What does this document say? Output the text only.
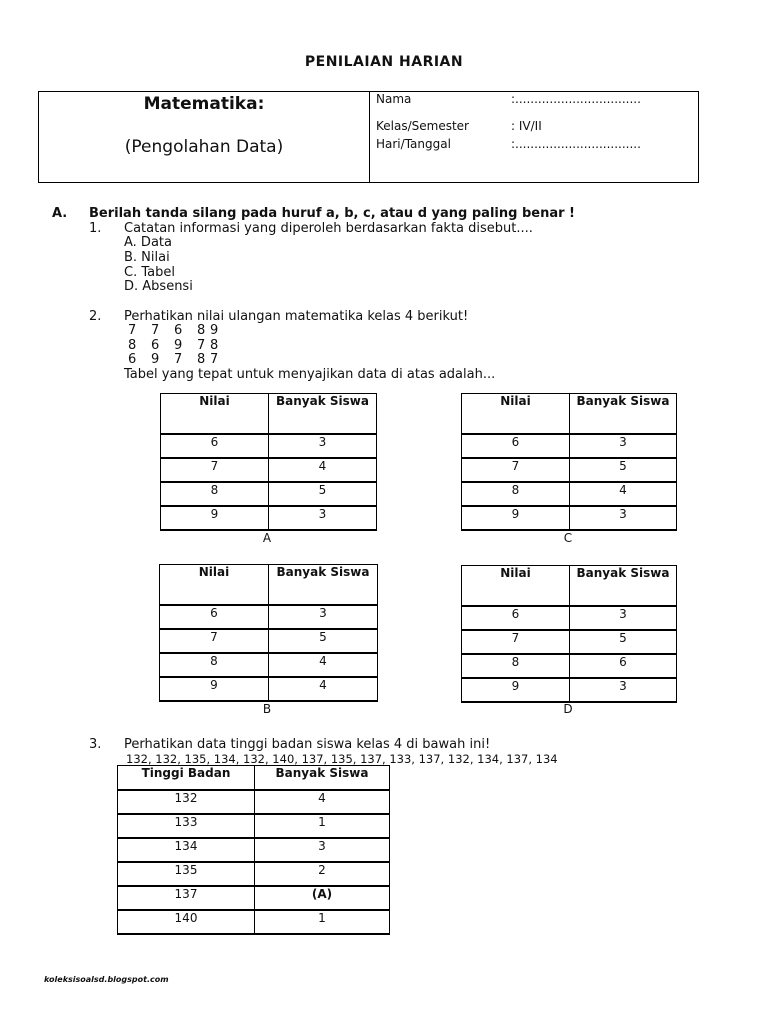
PENILAIAN HARIAN
Matematika:
(Pengolahan Data)
Nama	:.................................
Kelas/Semester	: IV/II
Hari/Tanggal	:.................................
A. Berilah tanda silang pada huruf a, b, c, atau d yang paling benar !
1. Catatan informasi yang diperoleh berdasarkan fakta disebut....
A. Data
B. Nilai
C. Tabel
D. Absensi
2. Perhatikan nilai ulangan matematika kelas 4 berikut!
7 7 6 8 9
8 6 9 7 8
6 9 7 8 7
Tabel yang tepat untuk menyajikan data di atas adalah...
Nilai	Banyak Siswa
6	3
7	4
8	5
9	3
A
Nilai	Banyak Siswa
6	3
7	5
8	4
9	3
C
Nilai	Banyak Siswa
6	3
7	5
8	4
9	4
B
Nilai	Banyak Siswa
6	3
7	5
8	6
9	3
D
3. Perhatikan data tinggi badan siswa kelas 4 di bawah ini!
132, 132, 135, 134, 132, 140, 137, 135, 137, 133, 137, 132, 134, 137, 134
Tinggi Badan	Banyak Siswa
132	4
133	1
134	3
135	2
137	(A)
140	1
koleksisoalsd.blogspot.com
